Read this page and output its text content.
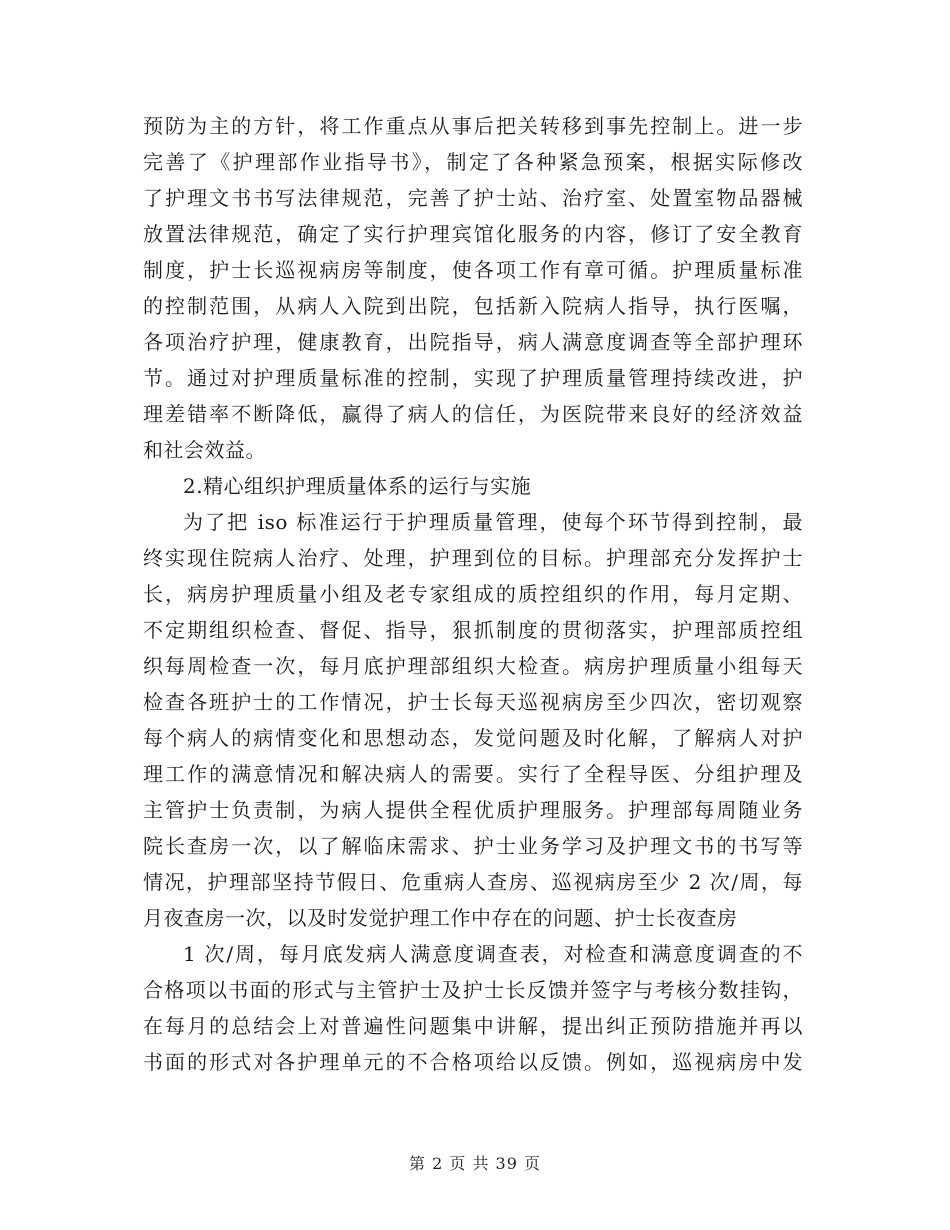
预防为主的方针，将工作重点从事后把关转移到事先控制上。进一步
完善了《护理部作业指导书》，制定了各种紧急预案，根据实际修改
了护理文书书写法律规范，完善了护士站、治疗室、处置室物品器械
放置法律规范，确定了实行护理宾馆化服务的内容，修订了安全教育
制度，护士长巡视病房等制度，使各项工作有章可循。护理质量标准
的控制范围，从病人入院到出院，包括新入院病人指导，执行医嘱，
各项治疗护理，健康教育，出院指导，病人满意度调查等全部护理环
节。通过对护理质量标准的控制，实现了护理质量管理持续改进，护
理差错率不断降低，赢得了病人的信任，为医院带来良好的经济效益
和社会效益。
2.精心组织护理质量体系的运行与实施
为了把 iso 标准运行于护理质量管理，使每个环节得到控制，最
终实现住院病人治疗、处理，护理到位的目标。护理部充分发挥护士
长，病房护理质量小组及老专家组成的质控组织的作用，每月定期、
不定期组织检查、督促、指导，狠抓制度的贯彻落实，护理部质控组
织每周检查一次，每月底护理部组织大检查。病房护理质量小组每天
检查各班护士的工作情况，护士长每天巡视病房至少四次，密切观察
每个病人的病情变化和思想动态，发觉问题及时化解，了解病人对护
理工作的满意情况和解决病人的需要。实行了全程导医、分组护理及
主管护士负责制，为病人提供全程优质护理服务。护理部每周随业务
院长查房一次，以了解临床需求、护士业务学习及护理文书的书写等
情况，护理部坚持节假日、危重病人查房、巡视病房至少 2 次/周，每
月夜查房一次，以及时发觉护理工作中存在的问题、护士长夜查房
1 次/周，每月底发病人满意度调查表，对检查和满意度调查的不
合格项以书面的形式与主管护士及护士长反馈并签字与考核分数挂钩，
在每月的总结会上对普遍性问题集中讲解，提出纠正预防措施并再以
书面的形式对各护理单元的不合格项给以反馈。例如，巡视病房中发
第 2 页 共 39 页
